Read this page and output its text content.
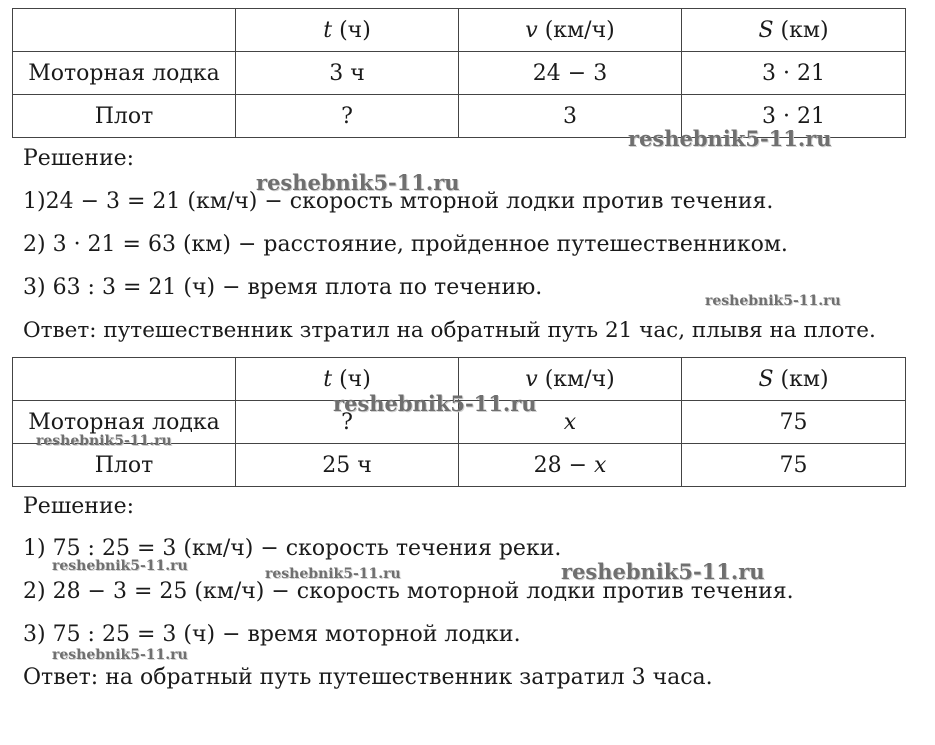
	t (ч)	v (км/ч)	S (км)
Моторная лодка	3 ч	24 − 3	3 · 21
Плот	?	3	3 · 21
Решение:
1)24 − 3 = 21 (км/ч) − скорость мторной лодки против течения.
2) 3 · 21 = 63 (км) − расстояние, пройденное путешественником.
3) 63 : 3 = 21 (ч) − время плота по течению.
Ответ: путешественник зтратил на обратный путь 21 час, плывя на плоте.
	t (ч)	v (км/ч)	S (км)
Моторная лодка	?	x	75
Плот	25 ч	28 − x	75
Решение:
1) 75 : 25 = 3 (км/ч) − скорость течения реки.
2) 28 − 3 = 25 (км/ч) − скорость моторной лодки против течения.
3) 75 : 25 = 3 (ч) − время моторной лодки.
Ответ: на обратный путь путешественник затратил 3 часа.
reshebnik5-11.ru
reshebnik5-11.ru
reshebnik5-11.ru
reshebnik5-11.ru
reshebnik5-11.ru
reshebnik5-11.ru	reshebnik5-11.ru	reshebnik5-11.ru
reshebnik5-11.ru
